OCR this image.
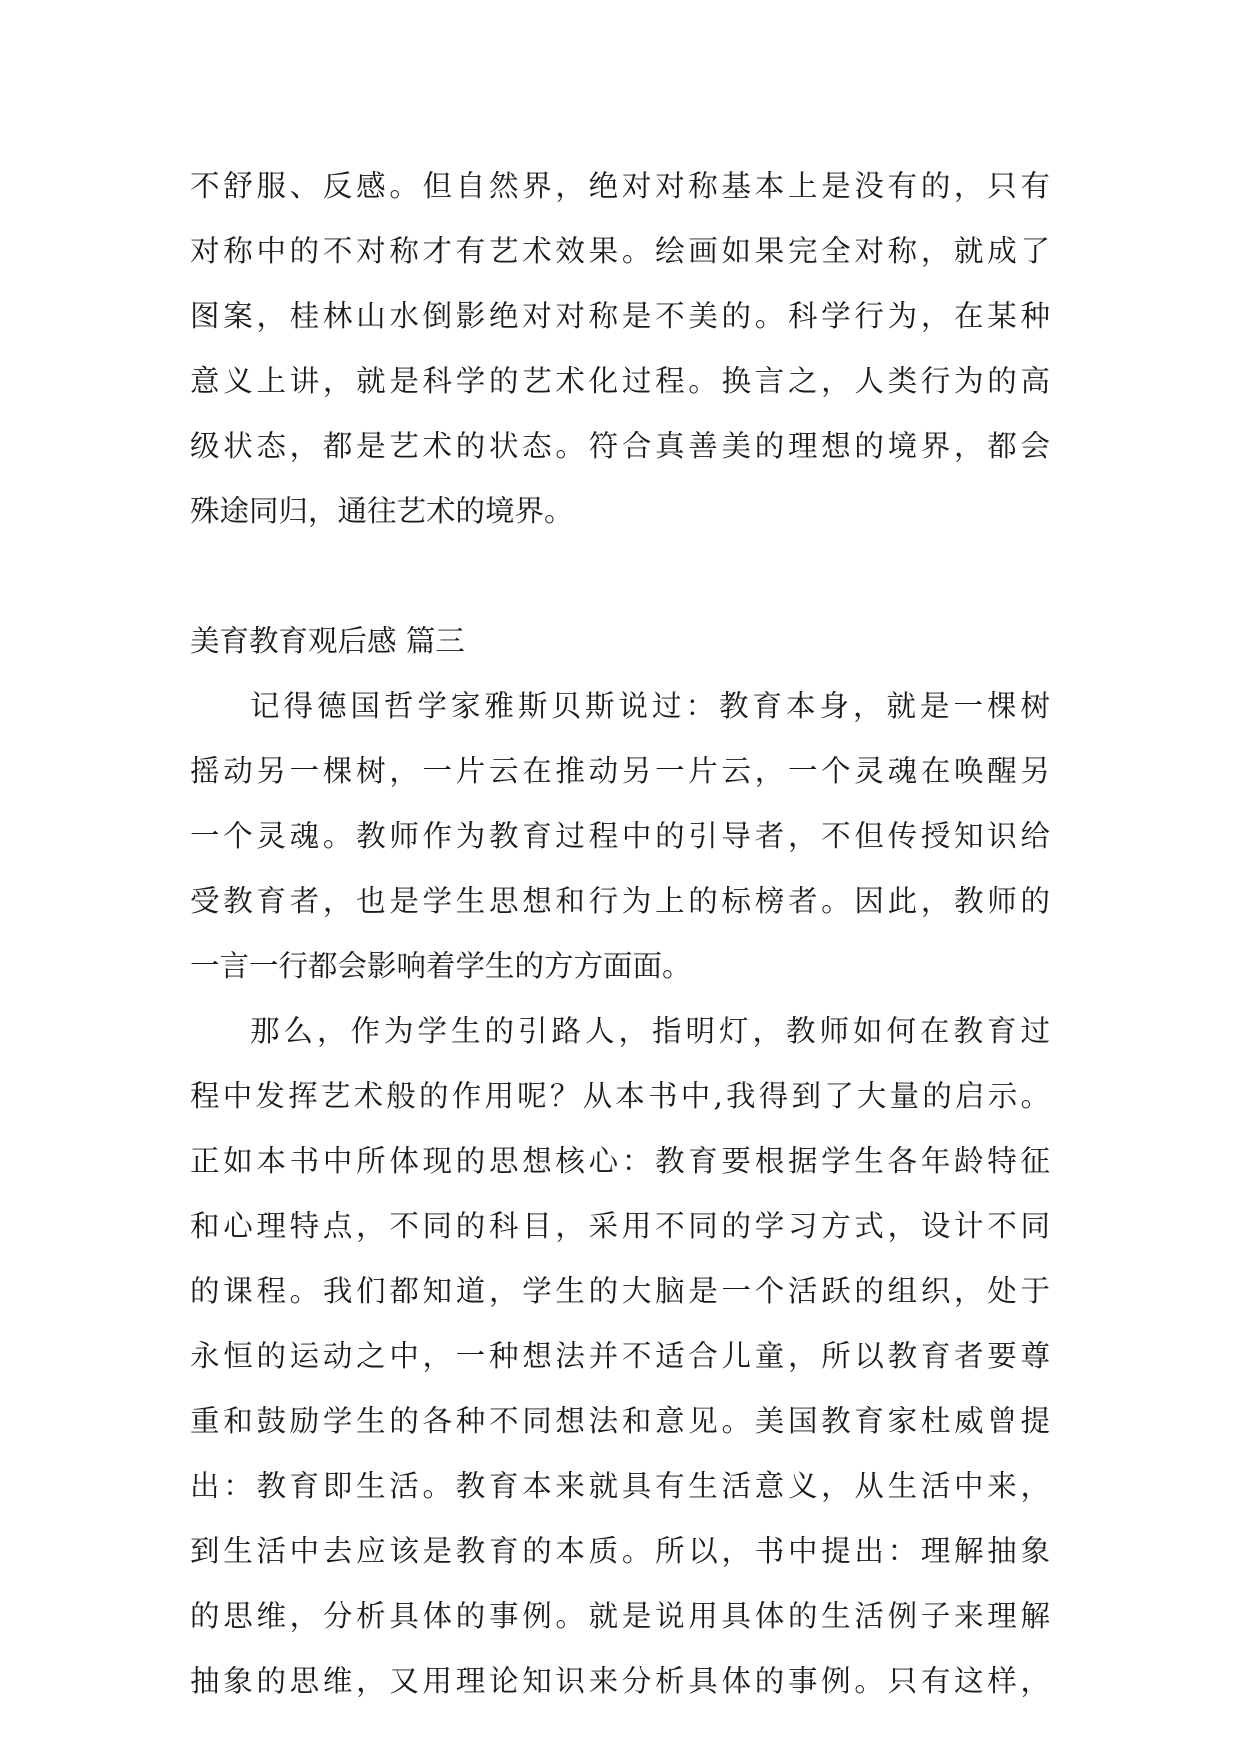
不舒服、反感。但自然界，绝对对称基本上是没有的，只有
对称中的不对称才有艺术效果。绘画如果完全对称，就成了
图案，桂林山水倒影绝对对称是不美的。科学行为，在某种
意义上讲，就是科学的艺术化过程。换言之，人类行为的高
级状态，都是艺术的状态。符合真善美的理想的境界，都会
殊途同归，通往艺术的境界。
美育教育观后感 篇三
记得德国哲学家雅斯贝斯说过：教育本身，就是一棵树
摇动另一棵树，一片云在推动另一片云，一个灵魂在唤醒另
一个灵魂。教师作为教育过程中的引导者，不但传授知识给
受教育者，也是学生思想和行为上的标榜者。因此，教师的
一言一行都会影响着学生的方方面面。
那么，作为学生的引路人，指明灯，教师如何在教育过
程中发挥艺术般的作用呢？从本书中,我得到了大量的启示。
正如本书中所体现的思想核心：教育要根据学生各年龄特征
和心理特点，不同的科目，采用不同的学习方式，设计不同
的课程。我们都知道，学生的大脑是一个活跃的组织，处于
永恒的运动之中，一种想法并不适合儿童，所以教育者要尊
重和鼓励学生的各种不同想法和意见。美国教育家杜威曾提
出：教育即生活。教育本来就具有生活意义，从生活中来，
到生活中去应该是教育的本质。所以，书中提出：理解抽象
的思维，分析具体的事例。就是说用具体的生活例子来理解
抽象的思维，又用理论知识来分析具体的事例。只有这样，
